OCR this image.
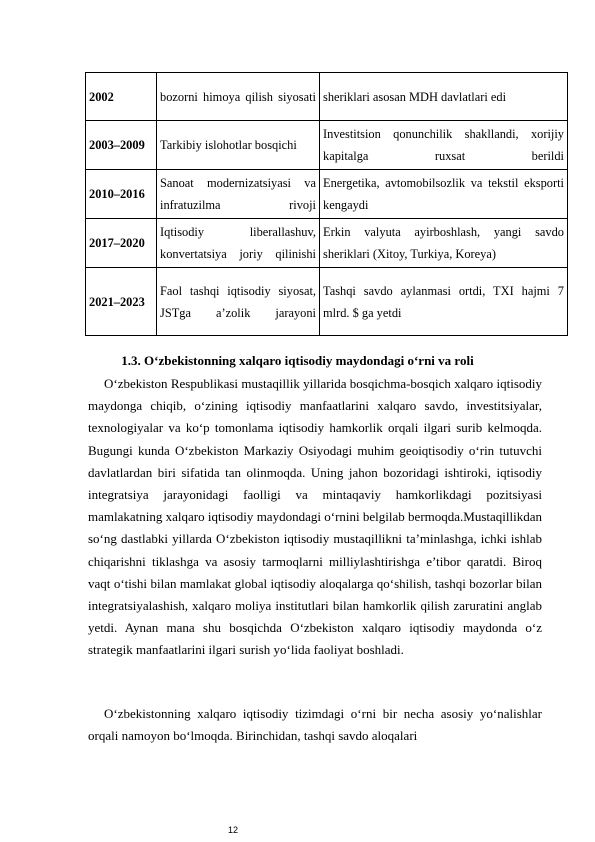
2002	bozorni himoya qilish siyosati	sheriklari asosan MDH davlatlari edi
2003–2009	Tarkibiy islohotlar bosqichi	Investitsion qonunchilik shakllandi, xorijiy kapitalga ruxsat berildi
2010–2016	Sanoat modernizatsiyasi va infratuzilma rivoji	Energetika, avtomobilsozlik va tekstil eksporti kengaydi
2017–2020	Iqtisodiy liberallashuv, konvertatsiya joriy qilinishi	Erkin valyuta ayirboshlash, yangi savdo sheriklari (Xitoy, Turkiya, Koreya)
2021–2023	Faol tashqi iqtisodiy siyosat, JSTga a’zolik jarayoni	Tashqi savdo aylanmasi ortdi, TXI hajmi 7 mlrd. $ ga yetdi
1.3. O‘zbekistonning xalqaro iqtisodiy maydondagi o‘rni va roli

O‘zbekiston Respublikasi mustaqillik yillarida bosqichma-bosqich xalqaro iqtisodiy maydonga chiqib, o‘zining iqtisodiy manfaatlarini xalqaro savdo, investitsiyalar, texnologiyalar va ko‘p tomonlama iqtisodiy hamkorlik orqali ilgari surib kelmoqda. Bugungi kunda O‘zbekiston Markaziy Osiyodagi muhim geoiqtisodiy o‘rin tutuvchi davlatlardan biri sifatida tan olinmoqda. Uning jahon bozoridagi ishtiroki, iqtisodiy integratsiya jarayonidagi faolligi va mintaqaviy hamkorlikdagi pozitsiyasi mamlakatning xalqaro iqtisodiy maydondagi o‘rnini belgilab bermoqda.Mustaqillikdan so‘ng dastlabki yillarda O‘zbekiston iqtisodiy mustaqillikni ta’minlashga, ichki ishlab chiqarishni tiklashga va asosiy tarmoqlarni milliylashtirishga e’tibor qaratdi. Biroq vaqt o‘tishi bilan mamlakat global iqtisodiy aloqalarga qo‘shilish, tashqi bozorlar bilan integratsiyalashish, xalqaro moliya institutlari bilan hamkorlik qilish zaruratini anglab yetdi. Aynan mana shu bosqichda O‘zbekiston xalqaro iqtisodiy maydonda o‘z strategik manfaatlarini ilgari surish yo‘lida faoliyat boshladi.

O‘zbekistonning xalqaro iqtisodiy tizimdagi o‘rni bir necha asosiy yo‘nalishlar orqali namoyon bo‘lmoqda. Birinchidan, tashqi savdo aloqalari

12
